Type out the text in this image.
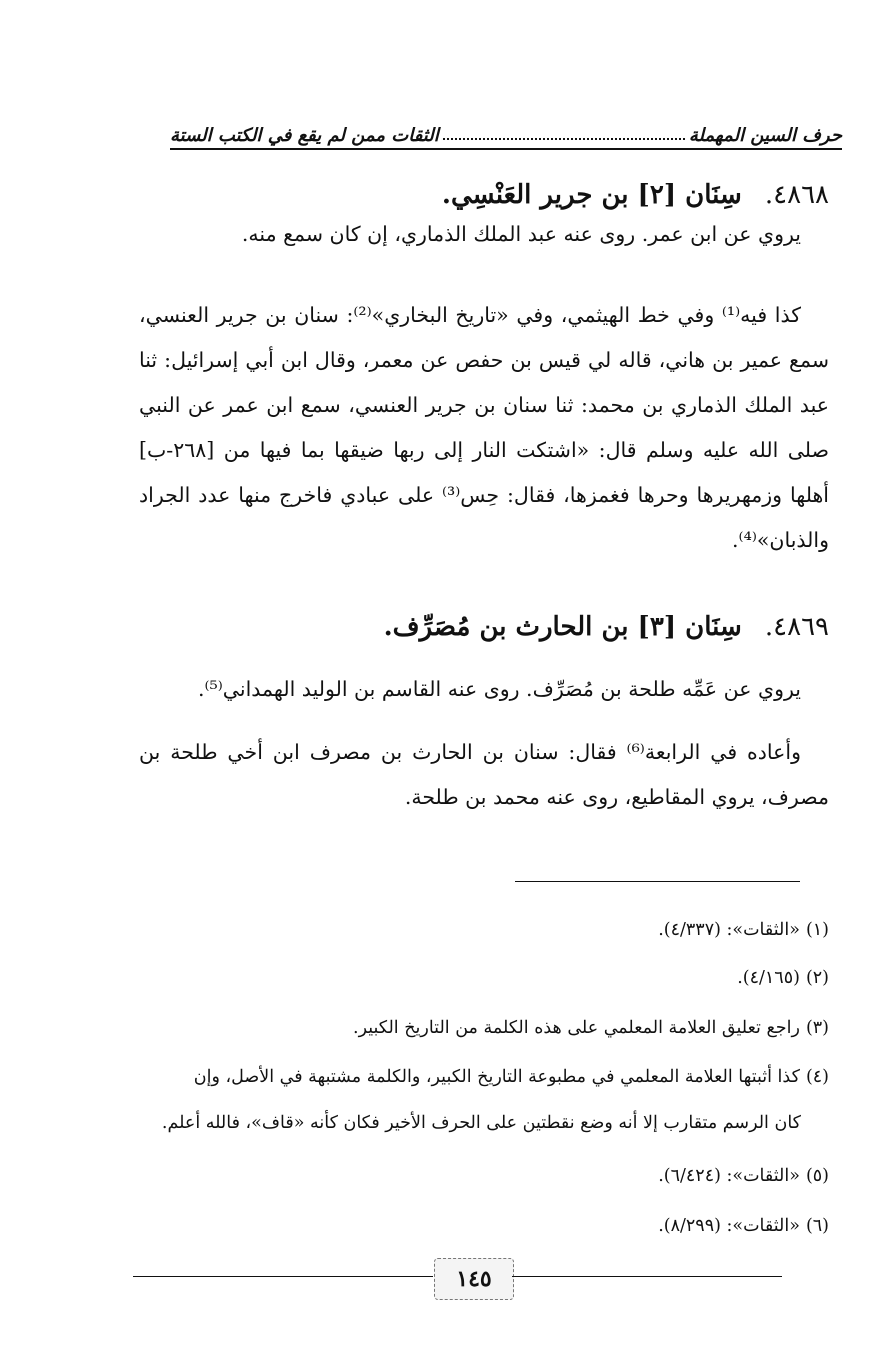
حرف السين المهملة
الثقات ممن لم يقع في الكتب الستة
٤٨٦٨. سِنَان [٢] بن جرير العَنْسِي.

يروي عن ابن عمر. روى عنه عبد الملك الذماري، إن كان سمع منه.

كذا فيه⁽¹⁾ وفي خط الهيثمي، وفي «تاريخ البخاري»⁽²⁾: سنان بن جرير العنسي، سمع عمير بن هاني، قاله لي قيس بن حفص عن معمر، وقال ابن أبي إسرائيل: ثنا عبد الملك الذماري بن محمد: ثنا سنان بن جرير العنسي، سمع ابن عمر عن النبي صلى الله عليه وسلم قال: «اشتكت النار إلى ربها ضيقها بما فيها من [٢٦٨-ب] أهلها وزمهريرها وحرها فغمزها، فقال: حِس⁽³⁾ على عبادي فاخرج منها عدد الجراد والذبان»⁽⁴⁾.

٤٨٦٩. سِنَان [٣] بن الحارث بن مُصَرِّف.

يروي عن عَمِّه طلحة بن مُصَرِّف. روى عنه القاسم بن الوليد الهمداني⁽⁵⁾.

وأعاده في الرابعة⁽⁶⁾ فقال: سنان بن الحارث بن مصرف ابن أخي طلحة بن مصرف، يروي المقاطيع، روى عنه محمد بن طلحة.

(١)«الثقات»: (٤/٣٣٧).
(٢)(٤/١٦٥).
(٣)راجع تعليق العلامة المعلمي على هذه الكلمة من التاريخ الكبير.
(٤)كذا أثبتها العلامة المعلمي في مطبوعة التاريخ الكبير، والكلمة مشتبهة في الأصل، وإن
كان الرسم متقارب إلا أنه وضع نقطتين على الحرف الأخير فكان كأنه «قاف»، فالله أعلم.
(٥)«الثقات»: (٦/٤٢٤).
(٦)«الثقات»: (٨/٢٩٩).
١٤٥
